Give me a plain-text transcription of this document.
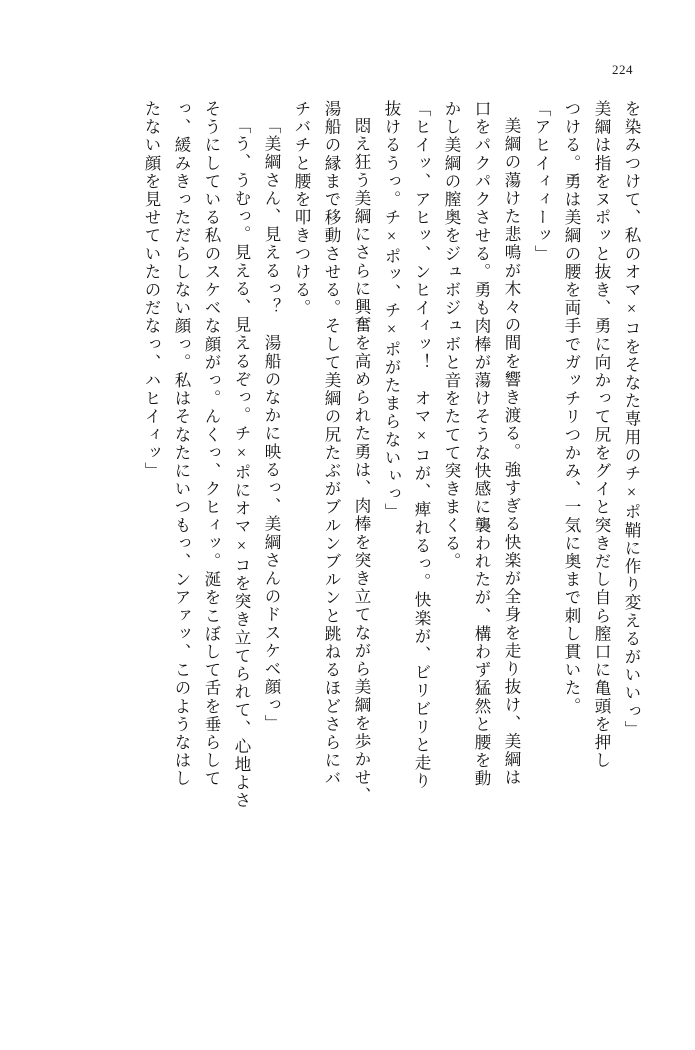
224
を染みつけて、私のオマ×コをそなた専用のチ×ポ鞘に作り変えるがいいっ」
美綱は指をヌポッと抜き、勇に向かって尻をグイと突きだし自ら膣口に亀頭を押し
つける。勇は美綱の腰を両手でガッチリつかみ、一気に奥まで刺し貫いた。
「アヒイィィーッ」
美綱の蕩けた悲鳴が木々の間を響き渡る。強すぎる快楽が全身を走り抜け、美綱は
口をパクパクさせる。勇も肉棒が蕩けそうな快感に襲われたが、構わず猛然と腰を動
かし美綱の膣奥をジュボジュボと音をたてて突きまくる。
「ヒイッ、アヒッ、ンヒイィッ！　オマ×コが、痺れるっ。快楽が、ビリビリと走り
抜けるうっ。チ×ポッ、チ×ポがたまらないぃっ」
悶え狂う美綱にさらに興奮を高められた勇は、肉棒を突き立てながら美綱を歩かせ、
湯船の縁まで移動させる。そして美綱の尻たぶがブルンブルンと跳ねるほどさらにバ
チバチと腰を叩きつける。
「美綱さん、見えるっ？　湯船のなかに映るっ、美綱さんのドスケベ顔っ」
「う、うむっ。見える、見えるぞっ。チ×ポにオマ×コを突き立てられて、心地よさ
そうにしている私のスケベな顔がっ。んくっ、クヒィッ。涎をこぼして舌を垂らして
っ、緩みきっただらしない顔っ。私はそなたにいつもっ、ンアァッ、このようなはし
たない顔を見せていたのだなっ、ハヒイィッ」
